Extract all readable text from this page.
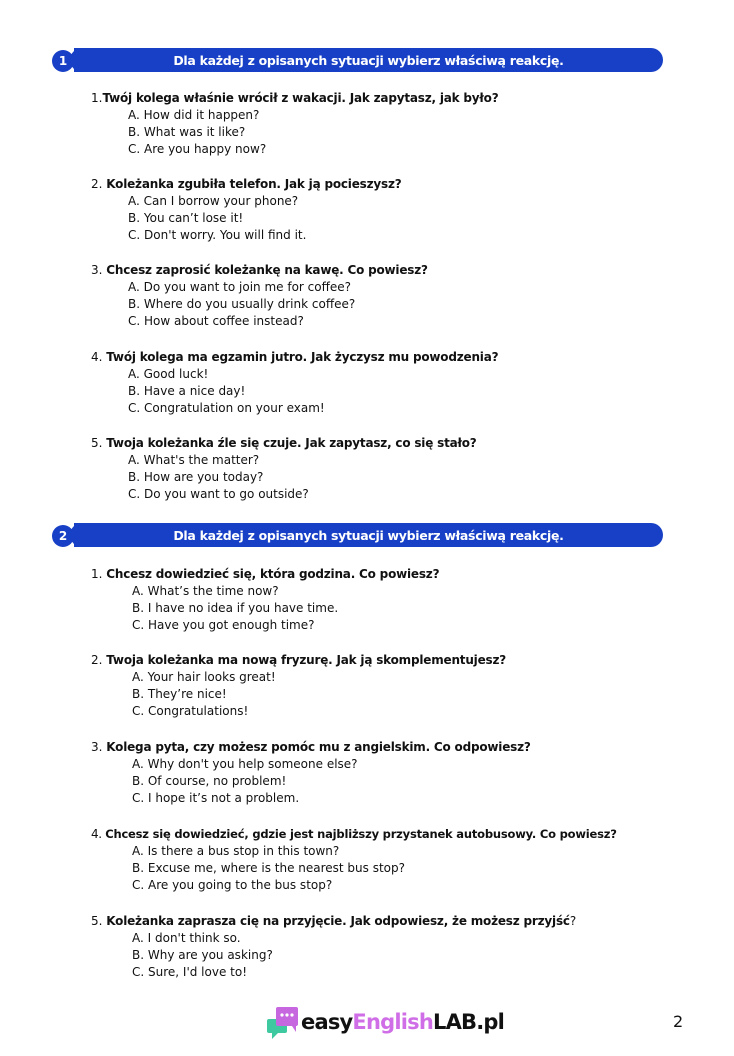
1	Dla każdej z opisanych sytuacji wybierz właściwą reakcję.
1.Twój kolega właśnie wrócił z wakacji. Jak zapytasz, jak było?
A. How did it happen?
B. What was it like?
C. Are you happy now?
2. Koleżanka zgubiła telefon. Jak ją pocieszysz?
A. Can I borrow your phone?
B. You can’t lose it!
C. Don't worry. You will find it.
3. Chcesz zaprosić koleżankę na kawę. Co powiesz?
A. Do you want to join me for coffee?
B. Where do you usually drink coffee?
C. How about coffee instead?
4. Twój kolega ma egzamin jutro. Jak życzysz mu powodzenia?
A. Good luck!
B. Have a nice day!
C. Congratulation on your exam!
5. Twoja koleżanka źle się czuje. Jak zapytasz, co się stało?
A. What's the matter?
B. How are you today?
C. Do you want to go outside?
2	Dla każdej z opisanych sytuacji wybierz właściwą reakcję.
1. Chcesz dowiedzieć się, która godzina. Co powiesz?
A. What’s the time now?
B. I have no idea if you have time.
C. Have you got enough time?
2. Twoja koleżanka ma nową fryzurę. Jak ją skomplementujesz?
A. Your hair looks great!
B. They’re nice!
C. Congratulations!
3. Kolega pyta, czy możesz pomóc mu z angielskim. Co odpowiesz?
A. Why don't you help someone else?
B. Of course, no problem!
C. I hope it’s not a problem.
4. Chcesz się dowiedzieć, gdzie jest najbliższy przystanek autobusowy. Co powiesz?
A. Is there a bus stop in this town?
B. Excuse me, where is the nearest bus stop?
C. Are you going to the bus stop?
5. Koleżanka zaprasza cię na przyjęcie. Jak odpowiesz, że możesz przyjść?
A. I don't think so.
B. Why are you asking?
C. Sure, I'd love to!
easyEnglishLAB.pl	2
